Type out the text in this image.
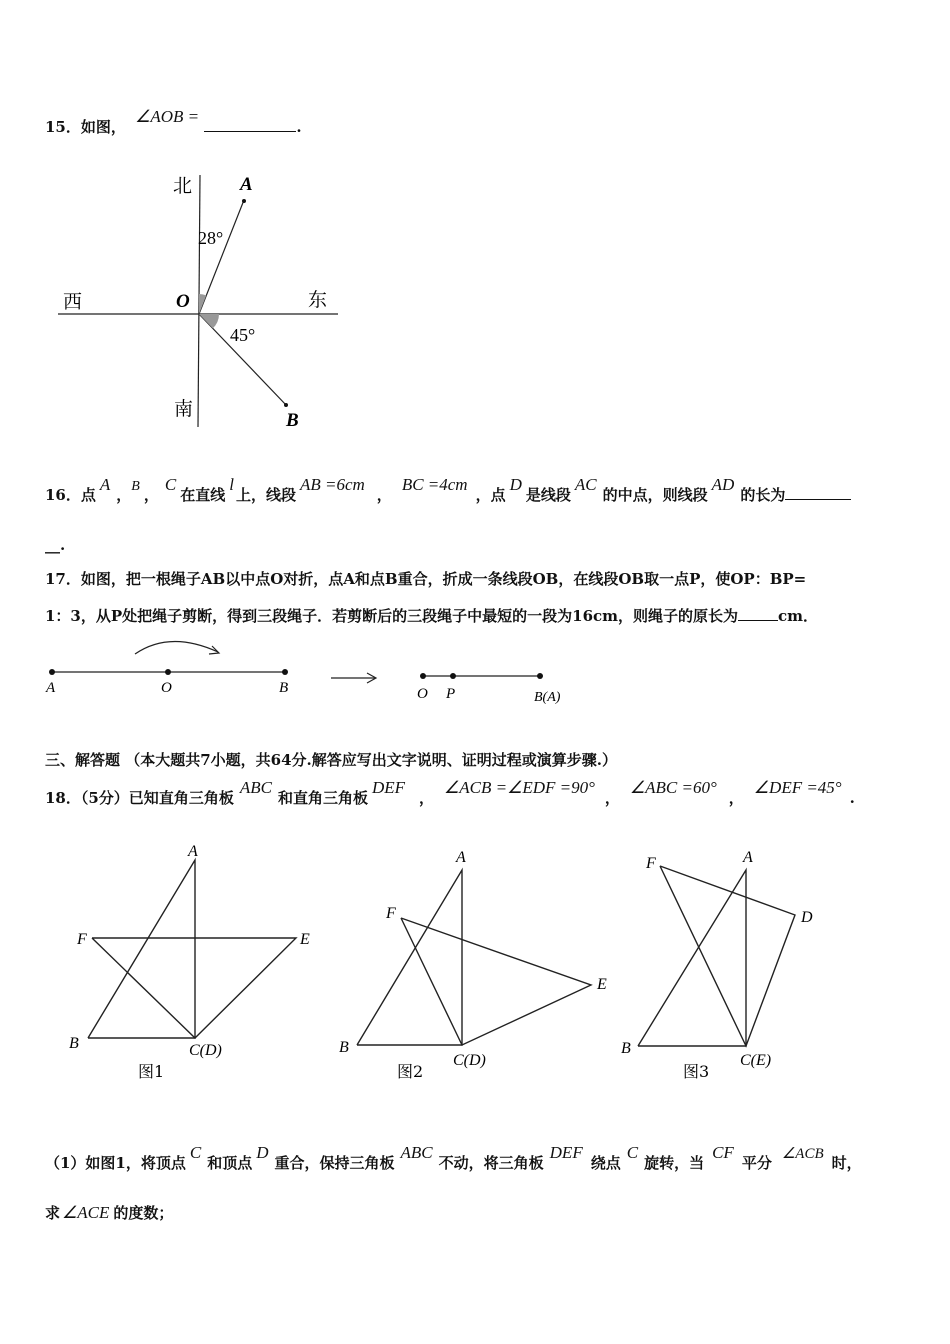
15．如图， ∠AOB = .
北	A
28°
西	O	东
45°
南
B
16．点A，B ，C在直线l上，线段AB =6cm，BC =4cm，点D是线段AC的中点，则线段AD的长为
__.
17．如图，把一根绳子AB以中点O对折，点A和点B重合，折成一条线段OB，在线段OB取一点P，使OP：BP=
1：3，从P处把绳子剪断，得到三段绳子．若剪断后的三段绳子中最短的一段为16cm，则绳子的原长为	cm．
A	O	B	O P	B(A)
三、解答题 （本大题共7小题，共64分.解答应写出文字说明、证明过程或演算步骤.）
18．（5分）已知直角三角板ABC和直角三角板DEF，∠ACB =∠EDF =90°，∠ABC =60°，∠DEF =45°.
A
F	E
B	C(D)
图1
A
F
E
B
C(D)
图2
A
F
D
B
C(E)
图3
（1）如图1，将顶点C和顶点D重合，保持三角板ABC不动，将三角板DEF绕点C旋转，当CF平分 ∠ACB 时，
求 ∠ACE 的度数；
